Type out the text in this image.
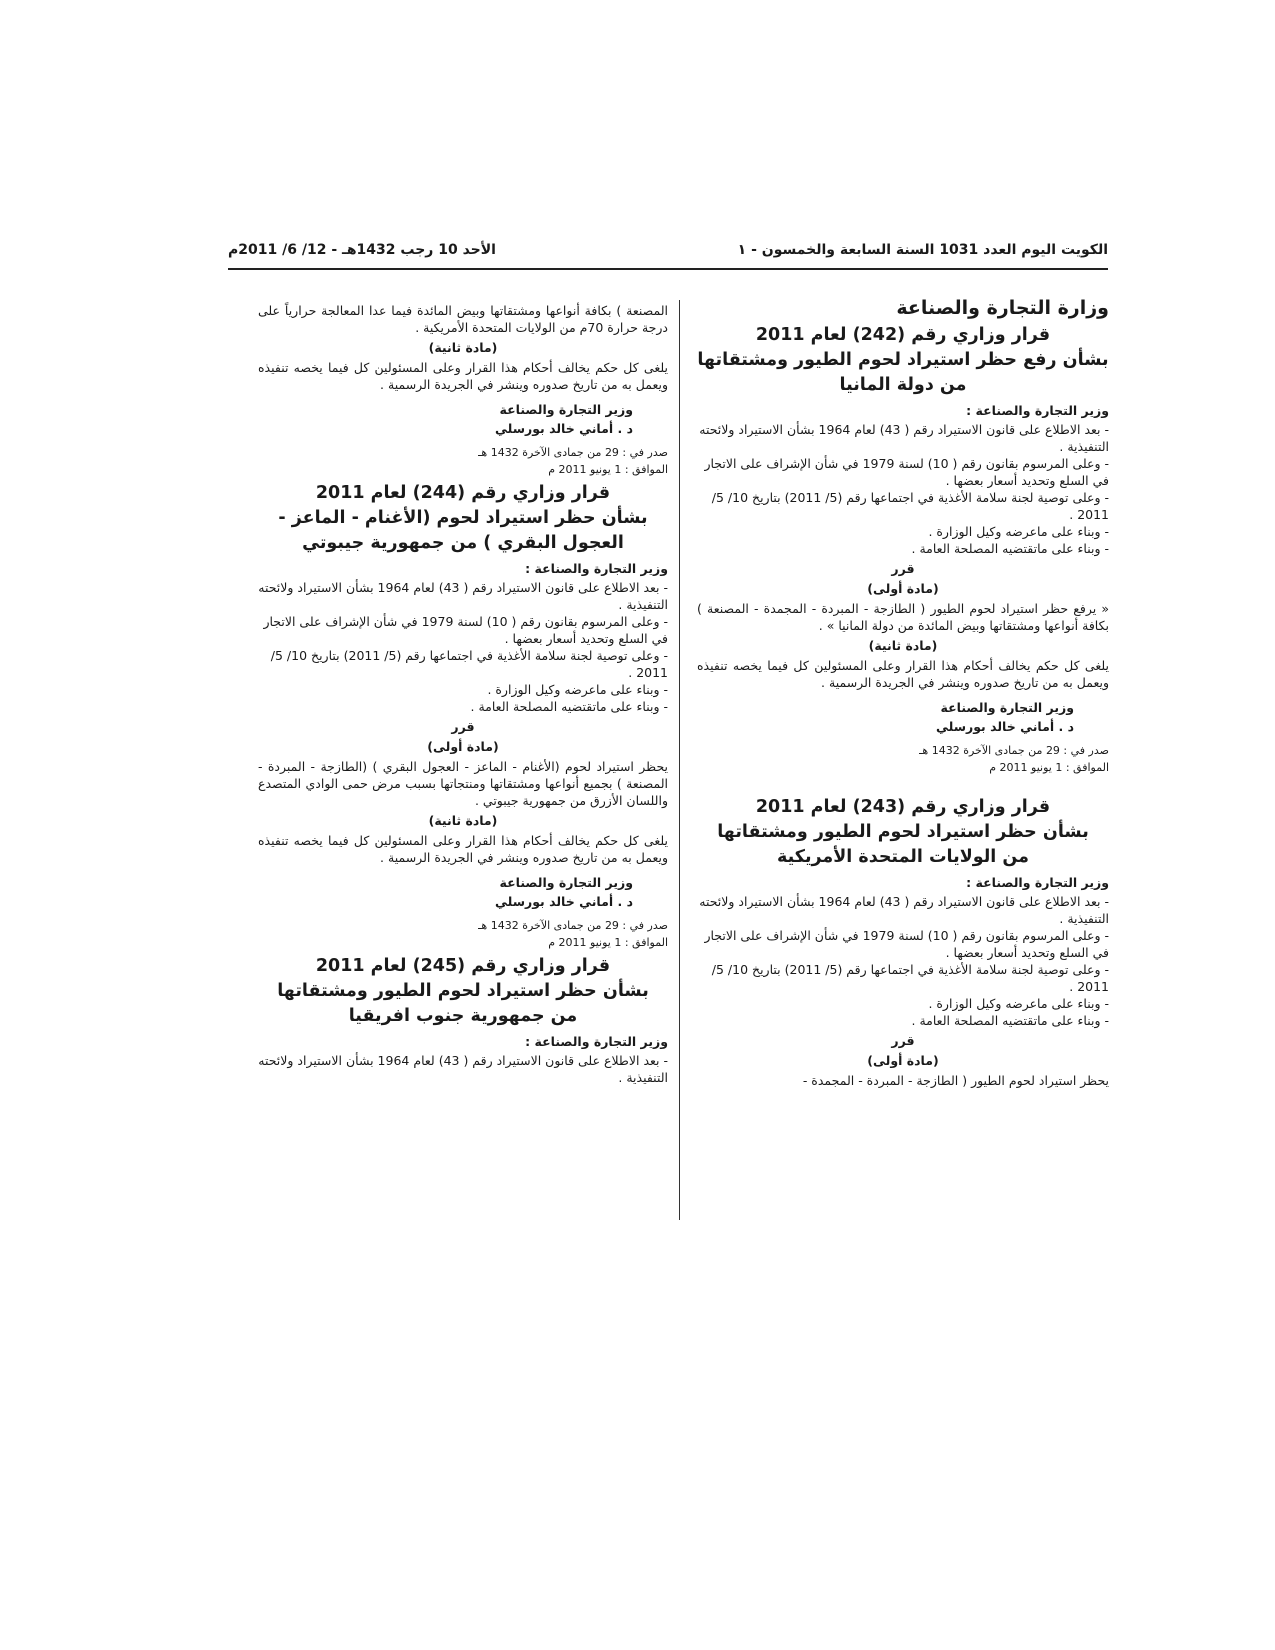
الكويت اليوم العدد 1031 السنة السابعة والخمسون - ١
الأحد 10 رجب 1432هـ - 12/ 6/ 2011م
وزارة التجارة والصناعة
قرار وزاري رقم (242) لعام 2011
بشأن رفع حظر استيراد لحوم الطيور ومشتقاتها
من دولة المانيا
وزير التجارة والصناعة :
- بعد الاطلاع على قانون الاستيراد رقم ( 43) لعام 1964 بشأن الاستيراد ولائحته التنفيذية .
- وعلى المرسوم بقانون رقم ( 10) لسنة 1979 في شأن الإشراف على الاتجار في السلع وتحديد أسعار بعضها .
- وعلى توصية لجنة سلامة الأغذية في اجتماعها رقم (5/ 2011) بتاريخ 10/ 5/ 2011 .
- وبناء على ماعرضه وكيل الوزارة .
- وبناء على ماتقتضيه المصلحة العامة .
قرر
(مادة أولى)
« يرفع حظر استيراد لحوم الطيور ( الطازجة - المبردة - المجمدة - المصنعة ) بكافة أنواعها ومشتقاتها وبيض المائدة من دولة المانيا » .
(مادة ثانية)
يلغى كل حكم يخالف أحكام هذا القرار وعلى المسئولين كل فيما يخصه تنفيذه ويعمل به من تاريخ صدوره وينشر في الجريدة الرسمية .
وزير التجارة والصناعة
د . أماني خالد بورسلي
صدر في : 29 من جمادى الآخرة 1432 هـ
الموافق : 1 يونيو 2011 م
قرار وزاري رقم (243) لعام 2011
بشأن حظر استيراد لحوم الطيور ومشتقاتها
من الولايات المتحدة الأمريكية
وزير التجارة والصناعة :
- بعد الاطلاع على قانون الاستيراد رقم ( 43) لعام 1964 بشأن الاستيراد ولائحته التنفيذية .
- وعلى المرسوم بقانون رقم ( 10) لسنة 1979 في شأن الإشراف على الاتجار في السلع وتحديد أسعار بعضها .
- وعلى توصية لجنة سلامة الأغذية في اجتماعها رقم (5/ 2011) بتاريخ 10/ 5/ 2011 .
- وبناء على ماعرضه وكيل الوزارة .
- وبناء على ماتقتضيه المصلحة العامة .
قرر
(مادة أولى)
يحظر استيراد لحوم الطيور ( الطازجة - المبردة - المجمدة -
المصنعة ) بكافة أنواعها ومشتقاتها وبيض المائدة فيما عدا المعالجة حرارياً على درجة حرارة 70م من الولايات المتحدة الأمريكية .
(مادة ثانية)
يلغى كل حكم يخالف أحكام هذا القرار وعلى المسئولين كل فيما يخصه تنفيذه ويعمل به من تاريخ صدوره وينشر في الجريدة الرسمية .
وزير التجارة والصناعة
د . أماني خالد بورسلي
صدر في : 29 من جمادى الآخرة 1432 هـ
الموافق : 1 يونيو 2011 م
قرار وزاري رقم (244) لعام 2011
بشأن حظر استيراد لحوم (الأغنام - الماعز -
العجول البقري ) من جمهورية جيبوتي
وزير التجارة والصناعة :
- بعد الاطلاع على قانون الاستيراد رقم ( 43) لعام 1964 بشأن الاستيراد ولائحته التنفيذية .
- وعلى المرسوم بقانون رقم ( 10) لسنة 1979 في شأن الإشراف على الاتجار في السلع وتحديد أسعار بعضها .
- وعلى توصية لجنة سلامة الأغذية في اجتماعها رقم (5/ 2011) بتاريخ 10/ 5/ 2011 .
- وبناء على ماعرضه وكيل الوزارة .
- وبناء على ماتقتضيه المصلحة العامة .
قرر
(مادة أولى)
يحظر استيراد لحوم (الأغنام - الماعز - العجول البقري ) (الطازجة - المبردة - المصنعة ) بجميع أنواعها ومشتقاتها ومنتجاتها بسبب مرض حمى الوادي المتصدع واللسان الأزرق من جمهورية جيبوتي .
(مادة ثانية)
يلغى كل حكم يخالف أحكام هذا القرار وعلى المسئولين كل فيما يخصه تنفيذه ويعمل به من تاريخ صدوره وينشر في الجريدة الرسمية .
وزير التجارة والصناعة
د . أماني خالد بورسلي
صدر في : 29 من جمادى الآخرة 1432 هـ
الموافق : 1 يونيو 2011 م
قرار وزاري رقم (245) لعام 2011
بشأن حظر استيراد لحوم الطيور ومشتقاتها
من جمهورية جنوب افريقيا
وزير التجارة والصناعة :
- بعد الاطلاع على قانون الاستيراد رقم ( 43) لعام 1964 بشأن الاستيراد ولائحته التنفيذية .
